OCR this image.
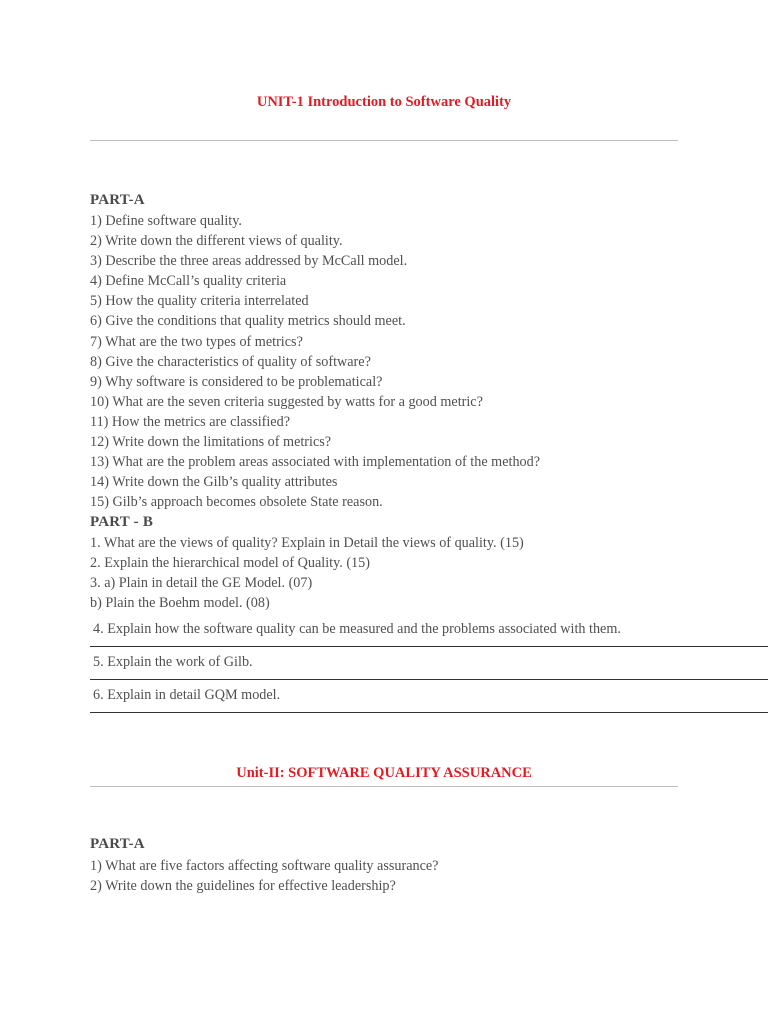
UNIT-1 Introduction to Software Quality
PART-A
1) Define software quality.
2) Write down the different views of quality.
3) Describe the three areas addressed by McCall model.
4) Define McCall’s quality criteria
5) How the quality criteria interrelated
6) Give the conditions that quality metrics should meet.
7) What are the two types of metrics?
8) Give the characteristics of quality of software?
9) Why software is considered to be problematical?
10) What are the seven criteria suggested by watts for a good metric?
11) How the metrics are classified?
12) Write down the limitations of metrics?
13) What are the problem areas associated with implementation of the method?
14) Write down the Gilb’s quality attributes
15) Gilb’s approach becomes obsolete State reason.
PART - B
1. What are the views of quality? Explain in Detail the views of quality. (15)
2. Explain the hierarchical model of Quality. (15)
3. a) Plain in detail the GE Model. (07)
b) Plain the Boehm model. (08)
4. Explain how the software quality can be measured and the problems associated with them.
5. Explain the work of Gilb.
6. Explain in detail GQM model.
Unit-II: SOFTWARE QUALITY ASSURANCE
PART-A
1) What are five factors affecting software quality assurance?
2) Write down the guidelines for effective leadership?
